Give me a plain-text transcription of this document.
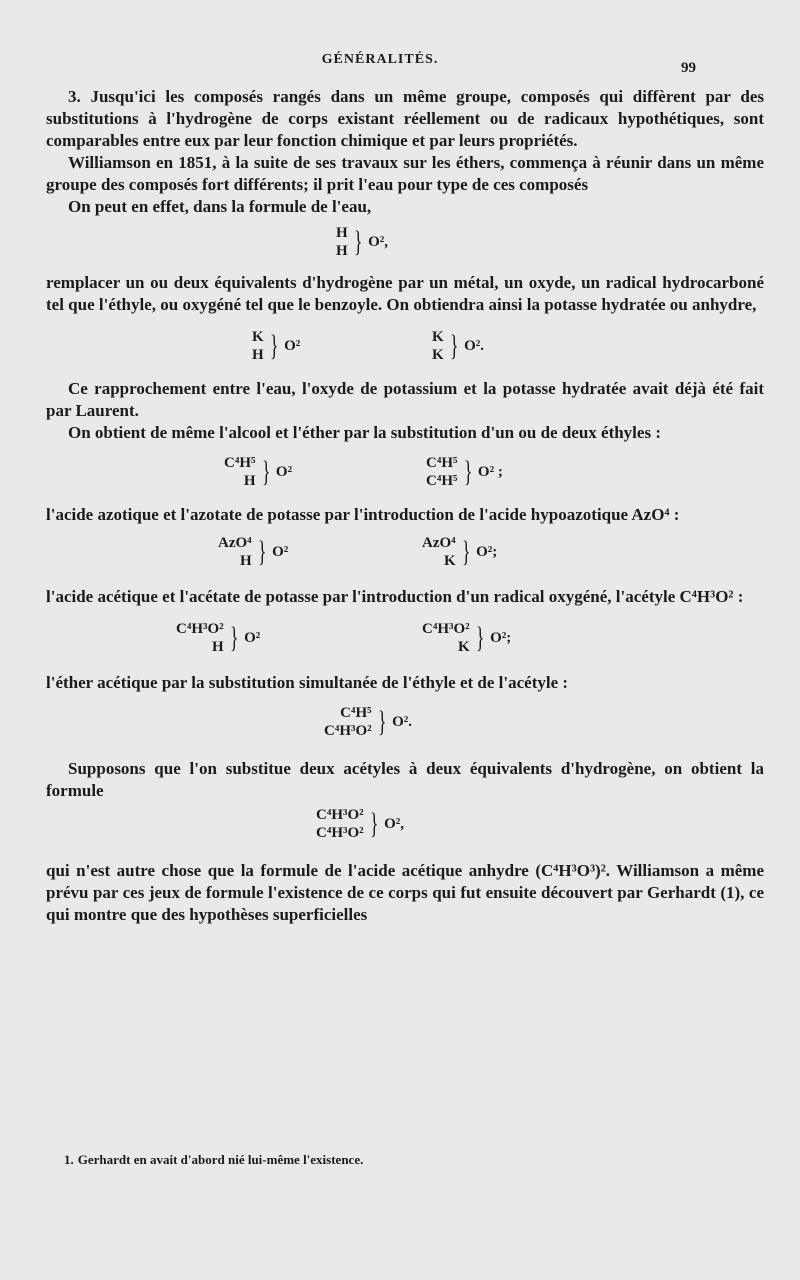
GÉNÉRALITÉS.
99

3. Jusqu'ici les composés rangés dans un même groupe, composés qui diffèrent par des substitutions à l'hydrogène de corps existant réellement ou de radicaux hypothétiques, sont comparables entre eux par leur fonction chimique et par leurs propriétés.

Williamson en 1851, à la suite de ses travaux sur les éthers, commença à réunir dans un même groupe des composés fort différents; il prit l'eau pour type de ces composés

On peut en effet, dans la formule de l'eau,

H
H } O²,

remplacer un ou deux équivalents d'hydrogène par un métal, un oxyde, un radical hydrocarboné tel que l'éthyle, ou oxygéné tel que le benzoyle. On obtiendra ainsi la potasse hydratée ou anhydre,

K
H } O²
K
K } O².

Ce rapprochement entre l'eau, l'oxyde de potassium et la potasse hydratée avait déjà été fait par Laurent.

On obtient de même l'alcool et l'éther par la substitution d'un ou de deux éthyles :

C⁴H⁵
H } O²
C⁴H⁵
C⁴H⁵ } O² ;

l'acide azotique et l'azotate de potasse par l'introduction de l'acide hypoazotique AzO⁴ :

AzO⁴
H } O²
AzO⁴
K } O²;

l'acide acétique et l'acétate de potasse par l'introduction d'un radical oxygéné, l'acétyle C⁴H³O² :

C⁴H³O²
H } O²
C⁴H³O²
K } O²;

l'éther acétique par la substitution simultanée de l'éthyle et de l'acétyle :

C⁴H⁵
C⁴H³O² } O².

Supposons que l'on substitue deux acétyles à deux équivalents d'hydrogène, on obtient la formule

C⁴H³O²
C⁴H³O² } O²,

qui n'est autre chose que la formule de l'acide acétique anhydre (C⁴H³O³)². Williamson a même prévu par ces jeux de formule l'existence de ce corps qui fut ensuite découvert par Gerhardt (1), ce qui montre que des hypothèses superficielles

1. Gerhardt en avait d'abord nié lui-même l'existence.
